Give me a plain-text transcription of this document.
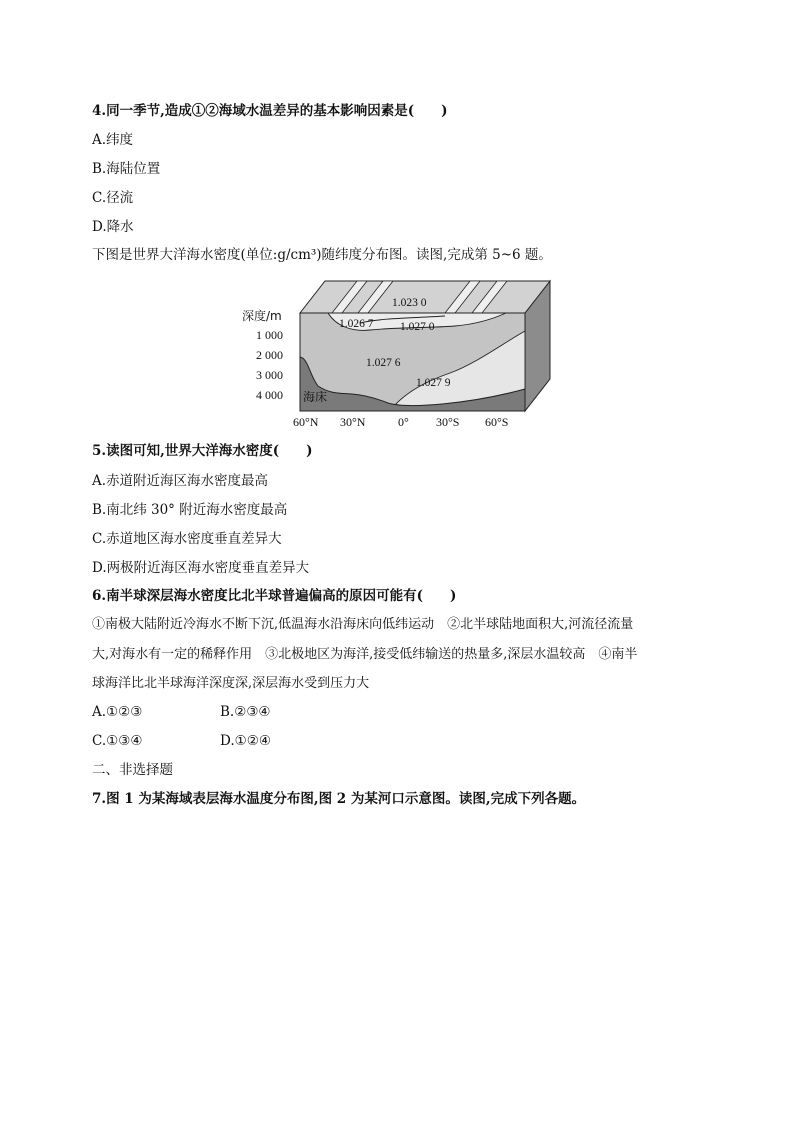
4.同一季节,造成①②海域水温差异的基本影响因素是(　　)
A.纬度
B.海陆位置
C.径流
D.降水
下图是世界大洋海水密度(单位:g/cm³)随纬度分布图。读图,完成第 5~6 题。
1.023 0
1.026 7 1.027 0
1.027 6
1.027 9
海床
深度/m
1 000
2 000
3 000
4 000
60°N 30°N	0° 30°S 60°S
5.读图可知,世界大洋海水密度(　　)
A.赤道附近海区海水密度最高
B.南北纬 30° 附近海水密度最高
C.赤道地区海水密度垂直差异大
D.两极附近海区海水密度垂直差异大
6.南半球深层海水密度比北半球普遍偏高的原因可能有(　　)
①南极大陆附近冷海水不断下沉,低温海水沿海床向低纬运动　②北半球陆地面积大,河流径流量
大,对海水有一定的稀释作用　③北极地区为海洋,接受低纬输送的热量多,深层水温较高　④南半
球海洋比北半球海洋深度深,深层海水受到压力大
A.①②③	B.②③④
C.①③④	D.①②④
二、非选择题
7.图 1 为某海域表层海水温度分布图,图 2 为某河口示意图。读图,完成下列各题。
